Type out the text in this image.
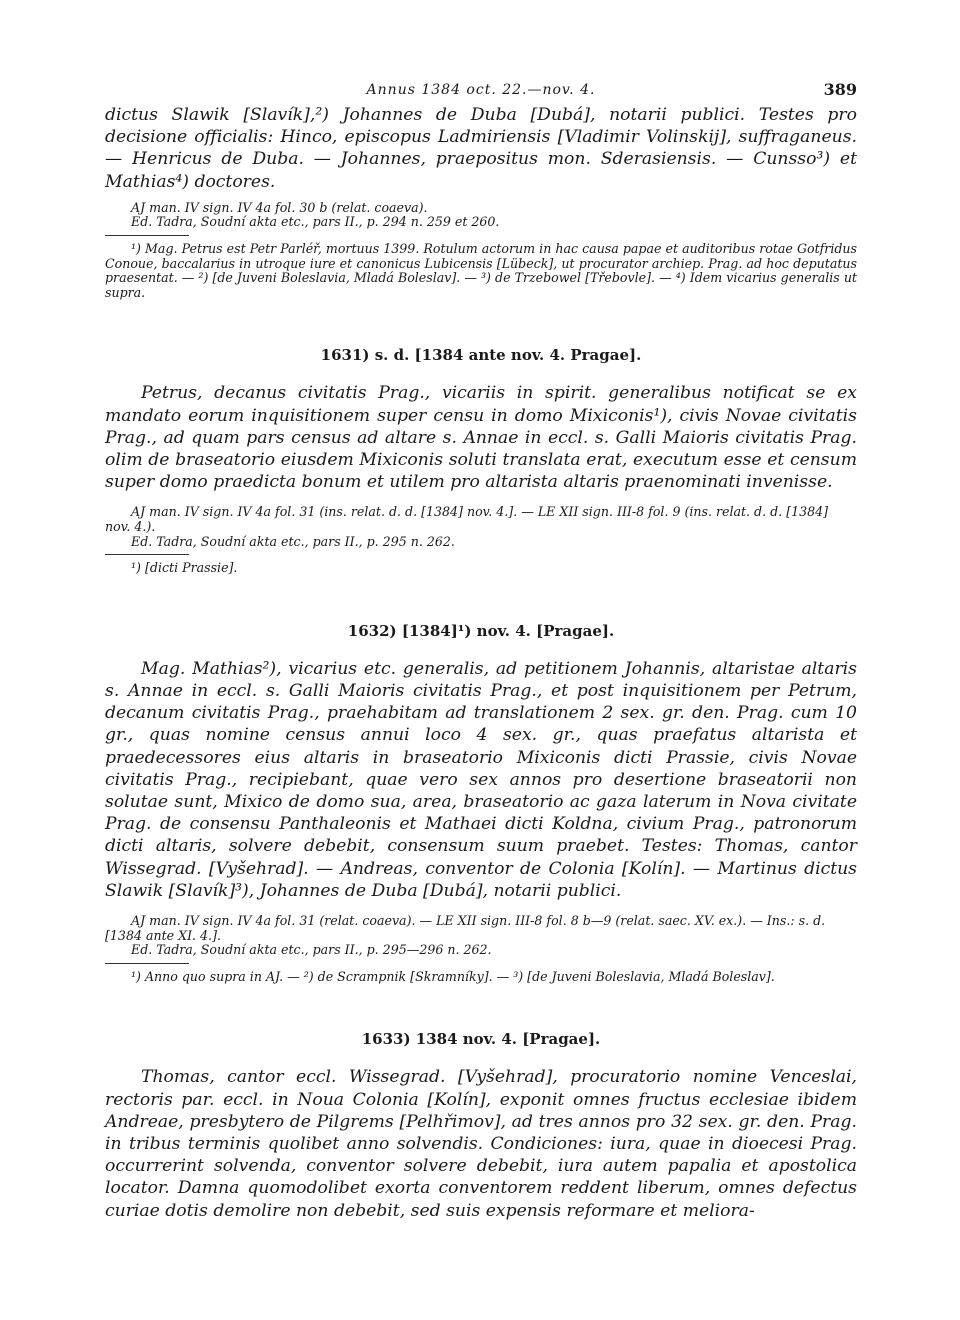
Annus 1384 oct. 22.—nov. 4.	389

dictus Slawik [Slavík],²) Johannes de Duba [Dubá], notarii publici. Testes pro decisione officialis: Hinco, episcopus Ladmiriensis [Vladimir Volinskij], suffraganeus. — Henricus de Duba. — Johannes, praepositus mon. Sderasiensis. — Cunsso³) et Mathias⁴) doctores.

AJ man. IV sign. IV 4a fol. 30 b (relat. coaeva).

Ed. Tadra, Soudní akta etc., pars II., p. 294 n. 259 et 260.

¹) Mag. Petrus est Petr Parléř, mortuus 1399. Rotulum actorum in hac causa papae et auditoribus rotae Gotfridus Conoue, baccalarius in utroque iure et canonicus Lubicensis [Lübeck], ut procurator archiep. Prag. ad hoc deputatus praesentat. — ²) [de Juveni Boleslavia, Mladá Boleslav]. — ³) de Trzebowel [Třebovle]. — ⁴) Idem vicarius generalis ut supra.

1631) s. d. [1384 ante nov. 4. Pragae].

Petrus, decanus civitatis Prag., vicariis in spirit. generalibus notificat se ex mandato eorum inquisitionem super censu in domo Mixiconis¹), civis Novae civitatis Prag., ad quam pars census ad altare s. Annae in eccl. s. Galli Maioris civitatis Prag. olim de braseatorio eiusdem Mixiconis soluti translata erat, executum esse et censum super domo praedicta bonum et utilem pro altarista altaris praenominati invenisse.

AJ man. IV sign. IV 4a fol. 31 (ins. relat. d. d. [1384] nov. 4.]. — LE XII sign. III-8 fol. 9 (ins. relat. d. d. [1384] nov. 4.).

Ed. Tadra, Soudní akta etc., pars II., p. 295 n. 262.

¹) [dicti Prassie].

1632) [1384]¹) nov. 4. [Pragae].

Mag. Mathias²), vicarius etc. generalis, ad petitionem Johannis, altaristae altaris s. Annae in eccl. s. Galli Maioris civitatis Prag., et post inquisitionem per Petrum, decanum civitatis Prag., praehabitam ad translationem 2 sex. gr. den. Prag. cum 10 gr., quas nomine census annui loco 4 sex. gr., quas praefatus altarista et praedecessores eius altaris in braseatorio Mixiconis dicti Prassie, civis Novae civitatis Prag., recipiebant, quae vero sex annos pro desertione braseatorii non solutae sunt, Mixico de domo sua, area, braseatorio ac gaza laterum in Nova civitate Prag. de consensu Panthaleonis et Mathaei dicti Koldna, civium Prag., patronorum dicti altaris, solvere debebit, consensum suum praebet. Testes: Thomas, cantor Wissegrad. [Vyšehrad]. — Andreas, conventor de Colonia [Kolín]. — Martinus dictus Slawik [Slavík]³), Johannes de Duba [Dubá], notarii publici.

AJ man. IV sign. IV 4a fol. 31 (relat. coaeva). — LE XII sign. III-8 fol. 8 b—9 (relat. saec. XV. ex.). — Ins.: s. d. [1384 ante XI. 4.].

Ed. Tadra, Soudní akta etc., pars II., p. 295—296 n. 262.

¹) Anno quo supra in AJ. — ²) de Scrampnik [Skramníky]. — ³) [de Juveni Boleslavia, Mladá Boleslav].

1633) 1384 nov. 4. [Pragae].

Thomas, cantor eccl. Wissegrad. [Vyšehrad], procuratorio nomine Venceslai, rectoris par. eccl. in Noua Colonia [Kolín], exponit omnes fructus ecclesiae ibidem Andreae, presbytero de Pilgrems [Pelhřimov], ad tres annos pro 32 sex. gr. den. Prag. in tribus terminis quolibet anno solvendis. Condiciones: iura, quae in dioecesi Prag. occurrerint solvenda, conventor solvere debebit, iura autem papalia et apostolica locator. Damna quomodolibet exorta conventorem reddent liberum, omnes defectus curiae dotis demolire non debebit, sed suis expensis reformare et meliora-
